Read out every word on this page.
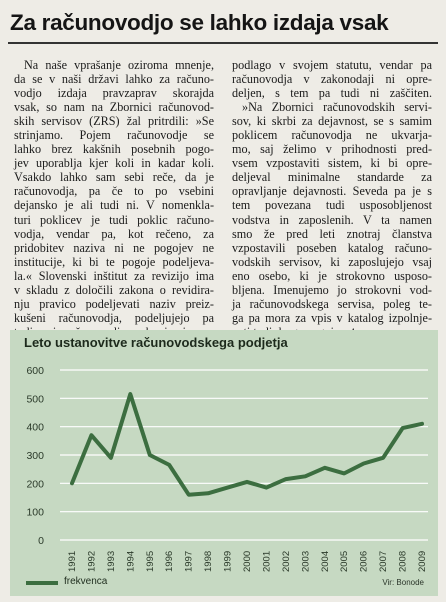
Za računovodjo se lahko izdaja vsak

Na naše vprašanje oziroma mnenje,

da se v naši državi lahko za računo-

vodjo izdaja pravzaprav skorajda

vsak, so nam na Zbornici računovod-

skih servisov (ZRS) žal pritrdili: »Se

strinjamo. Pojem računovodje se

lahko brez kakšnih posebnih pogo-

jev uporablja kjer koli in kadar koli.

Vsakdo lahko sam sebi reče, da je

računovodja, pa če to po vsebini

dejansko je ali tudi ni. V nomenkla-

turi poklicev je tudi poklic računo-

vodja, vendar pa, kot rečeno, za

pridobitev naziva ni ne pogojev ne

institucije, ki bi te pogoje podeljeva-

la.« Slovenski inštitut za revizijo ima

v skladu z določili zakona o revidira-

nju pravico podeljevati naziv preiz-

kušeni računovodja, podeljujejo pa

podlago v svojem statutu, vendar pa

računovodja v zakonodaji ni opre-

deljen, s tem pa tudi ni zaščiten.

»Na Zbornici računovodskih servi-

sov, ki skrbi za dejavnost, se s samim

poklicem računovodja ne ukvarja-

mo, saj želimo v prihodnosti pred-

vsem vzpostaviti sistem, ki bi opre-

deljeval minimalne standarde za

opravljanje dejavnosti. Seveda pa je s

tem povezana tudi usposobljenost

vodstva in zaposlenih. V ta namen

smo že pred leti znotraj članstva

vzpostavili poseben katalog računo-

vodskih servisov, ki zaposlujejo vsaj

eno osebo, ki je strokovno usposo-

bljena. Imenujemo jo strokovni vod-

ja računovodskega servisa, poleg te-

ga pa mora za vpis v katalog izpolnje-

Leto ustanovitve računovodskega podjetja
0
100
200
300
400
500
600
1991 1992 1993 1994 1995 1996 1997 1998 1999 2000 2001 2002 2003 2004 2005 2006 2007 2008 2009
frekvenca	Vir: Bonode
